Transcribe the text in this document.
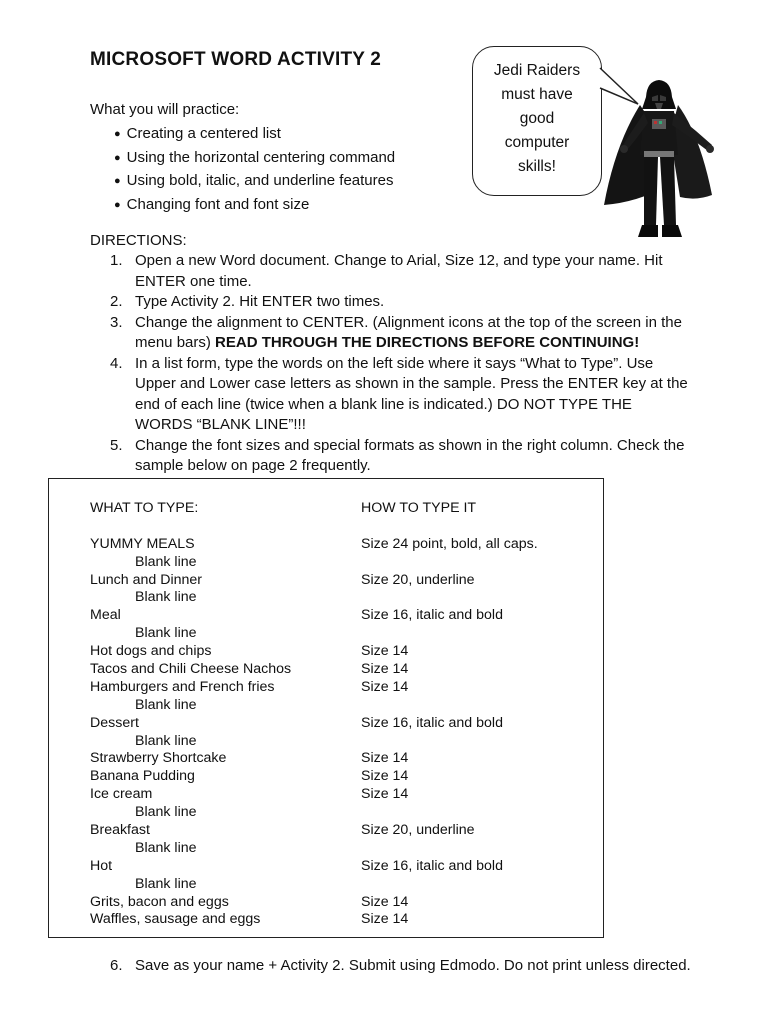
MICROSOFT WORD ACTIVITY 2
What you will practice:
● Creating a centered list
● Using the horizontal centering command
● Using bold, italic, and underline features
● Changing font and font size
Jedi Raiders
must have
good
computer
skills!
DIRECTIONS:
1. Open a new Word document. Change to Arial, Size 12, and type your name. Hit ENTER one time.
2. Type Activity 2. Hit ENTER two times.
3. Change the alignment to CENTER. (Alignment icons at the top of the screen in the menu bars) READ THROUGH THE DIRECTIONS BEFORE CONTINUING!
4. In a list form, type the words on the left side where it says “What to Type”. Use Upper and Lower case letters as shown in the sample. Press the ENTER key at the end of each line (twice when a blank line is indicated.) DO NOT TYPE THE WORDS “BLANK LINE”!!!
5. Change the font sizes and special formats as shown in the right column. Check the sample below on page 2 frequently.
WHAT TO TYPE:	HOW TO TYPE IT
YUMMY MEALS	Size 24 point, bold, all caps.
Blank line
Lunch and Dinner	Size 20, underline
Blank line
Meal	Size 16, italic and bold
Blank line
Hot dogs and chips	Size 14
Tacos and Chili Cheese Nachos	Size 14
Hamburgers and French fries	Size 14
Blank line
Dessert	Size 16, italic and bold
Blank line
Strawberry Shortcake	Size 14
Banana Pudding	Size 14
Ice cream	Size 14
Blank line
Breakfast	Size 20, underline
Blank line
Hot	Size 16, italic and bold
Blank line
Grits, bacon and eggs	Size 14
Waffles, sausage and eggs	Size 14
6. Save as your name + Activity 2. Submit using Edmodo. Do not print unless directed.
